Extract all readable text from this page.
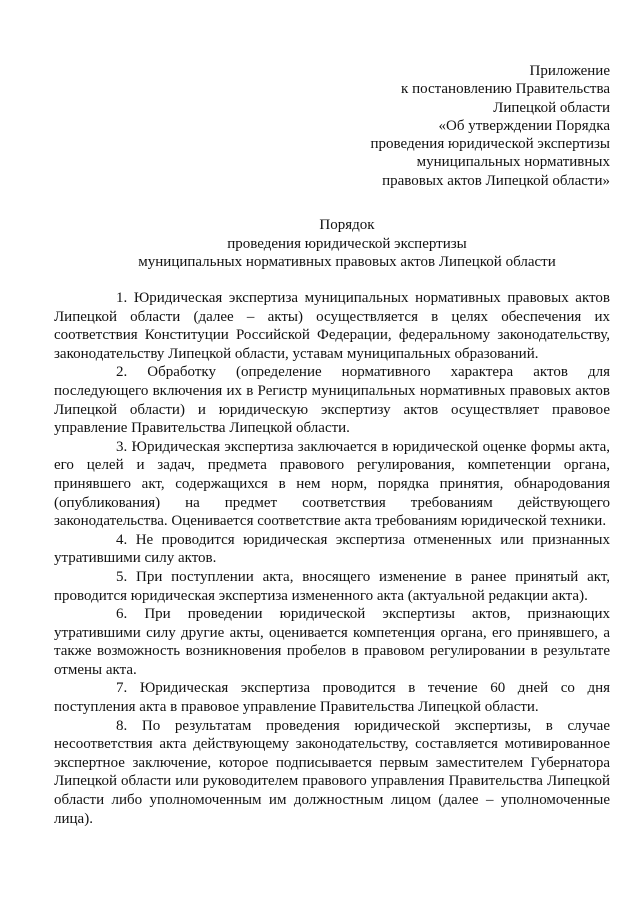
Приложение
к постановлению Правительства
Липецкой области
«Об утверждении Порядка
проведения юридической экспертизы
муниципальных нормативных
правовых актов Липецкой области»
Порядок
проведения юридической экспертизы
муниципальных нормативных правовых актов Липецкой области

1. Юридическая экспертиза муниципальных нормативных правовых актов Липецкой области (далее – акты) осуществляется в целях обеспечения их соответствия Конституции Российской Федерации, федеральному законодательству, законодательству Липецкой области, уставам муниципальных образований.

2. Обработку (определение нормативного характера актов для последующего включения их в Регистр муниципальных нормативных правовых актов Липецкой области) и юридическую экспертизу актов осуществляет правовое управление Правительства Липецкой области.

3. Юридическая экспертиза заключается в юридической оценке формы акта, его целей и задач, предмета правового регулирования, компетенции органа, принявшего акт, содержащихся в нем норм, порядка принятия, обнародования (опубликования) на предмет соответствия требованиям действующего законодательства. Оценивается соответствие акта требованиям юридической техники.

4. Не проводится юридическая экспертиза отмененных или признанных утратившими силу актов.

5. При поступлении акта, вносящего изменение в ранее принятый акт, проводится юридическая экспертиза измененного акта (актуальной редакции акта).

6. При проведении юридической экспертизы актов, признающих утратившими силу другие акты, оценивается компетенция органа, его принявшего, а также возможность возникновения пробелов в правовом регулировании в результате отмены акта.

7. Юридическая экспертиза проводится в течение 60 дней со дня поступления акта в правовое управление Правительства Липецкой области.

8. По результатам проведения юридической экспертизы, в случае несоответствия акта действующему законодательству, составляется мотивированное экспертное заключение, которое подписывается первым заместителем Губернатора Липецкой области или руководителем правового управления Правительства Липецкой области либо уполномоченным им должностным лицом (далее – уполномоченные лица).
